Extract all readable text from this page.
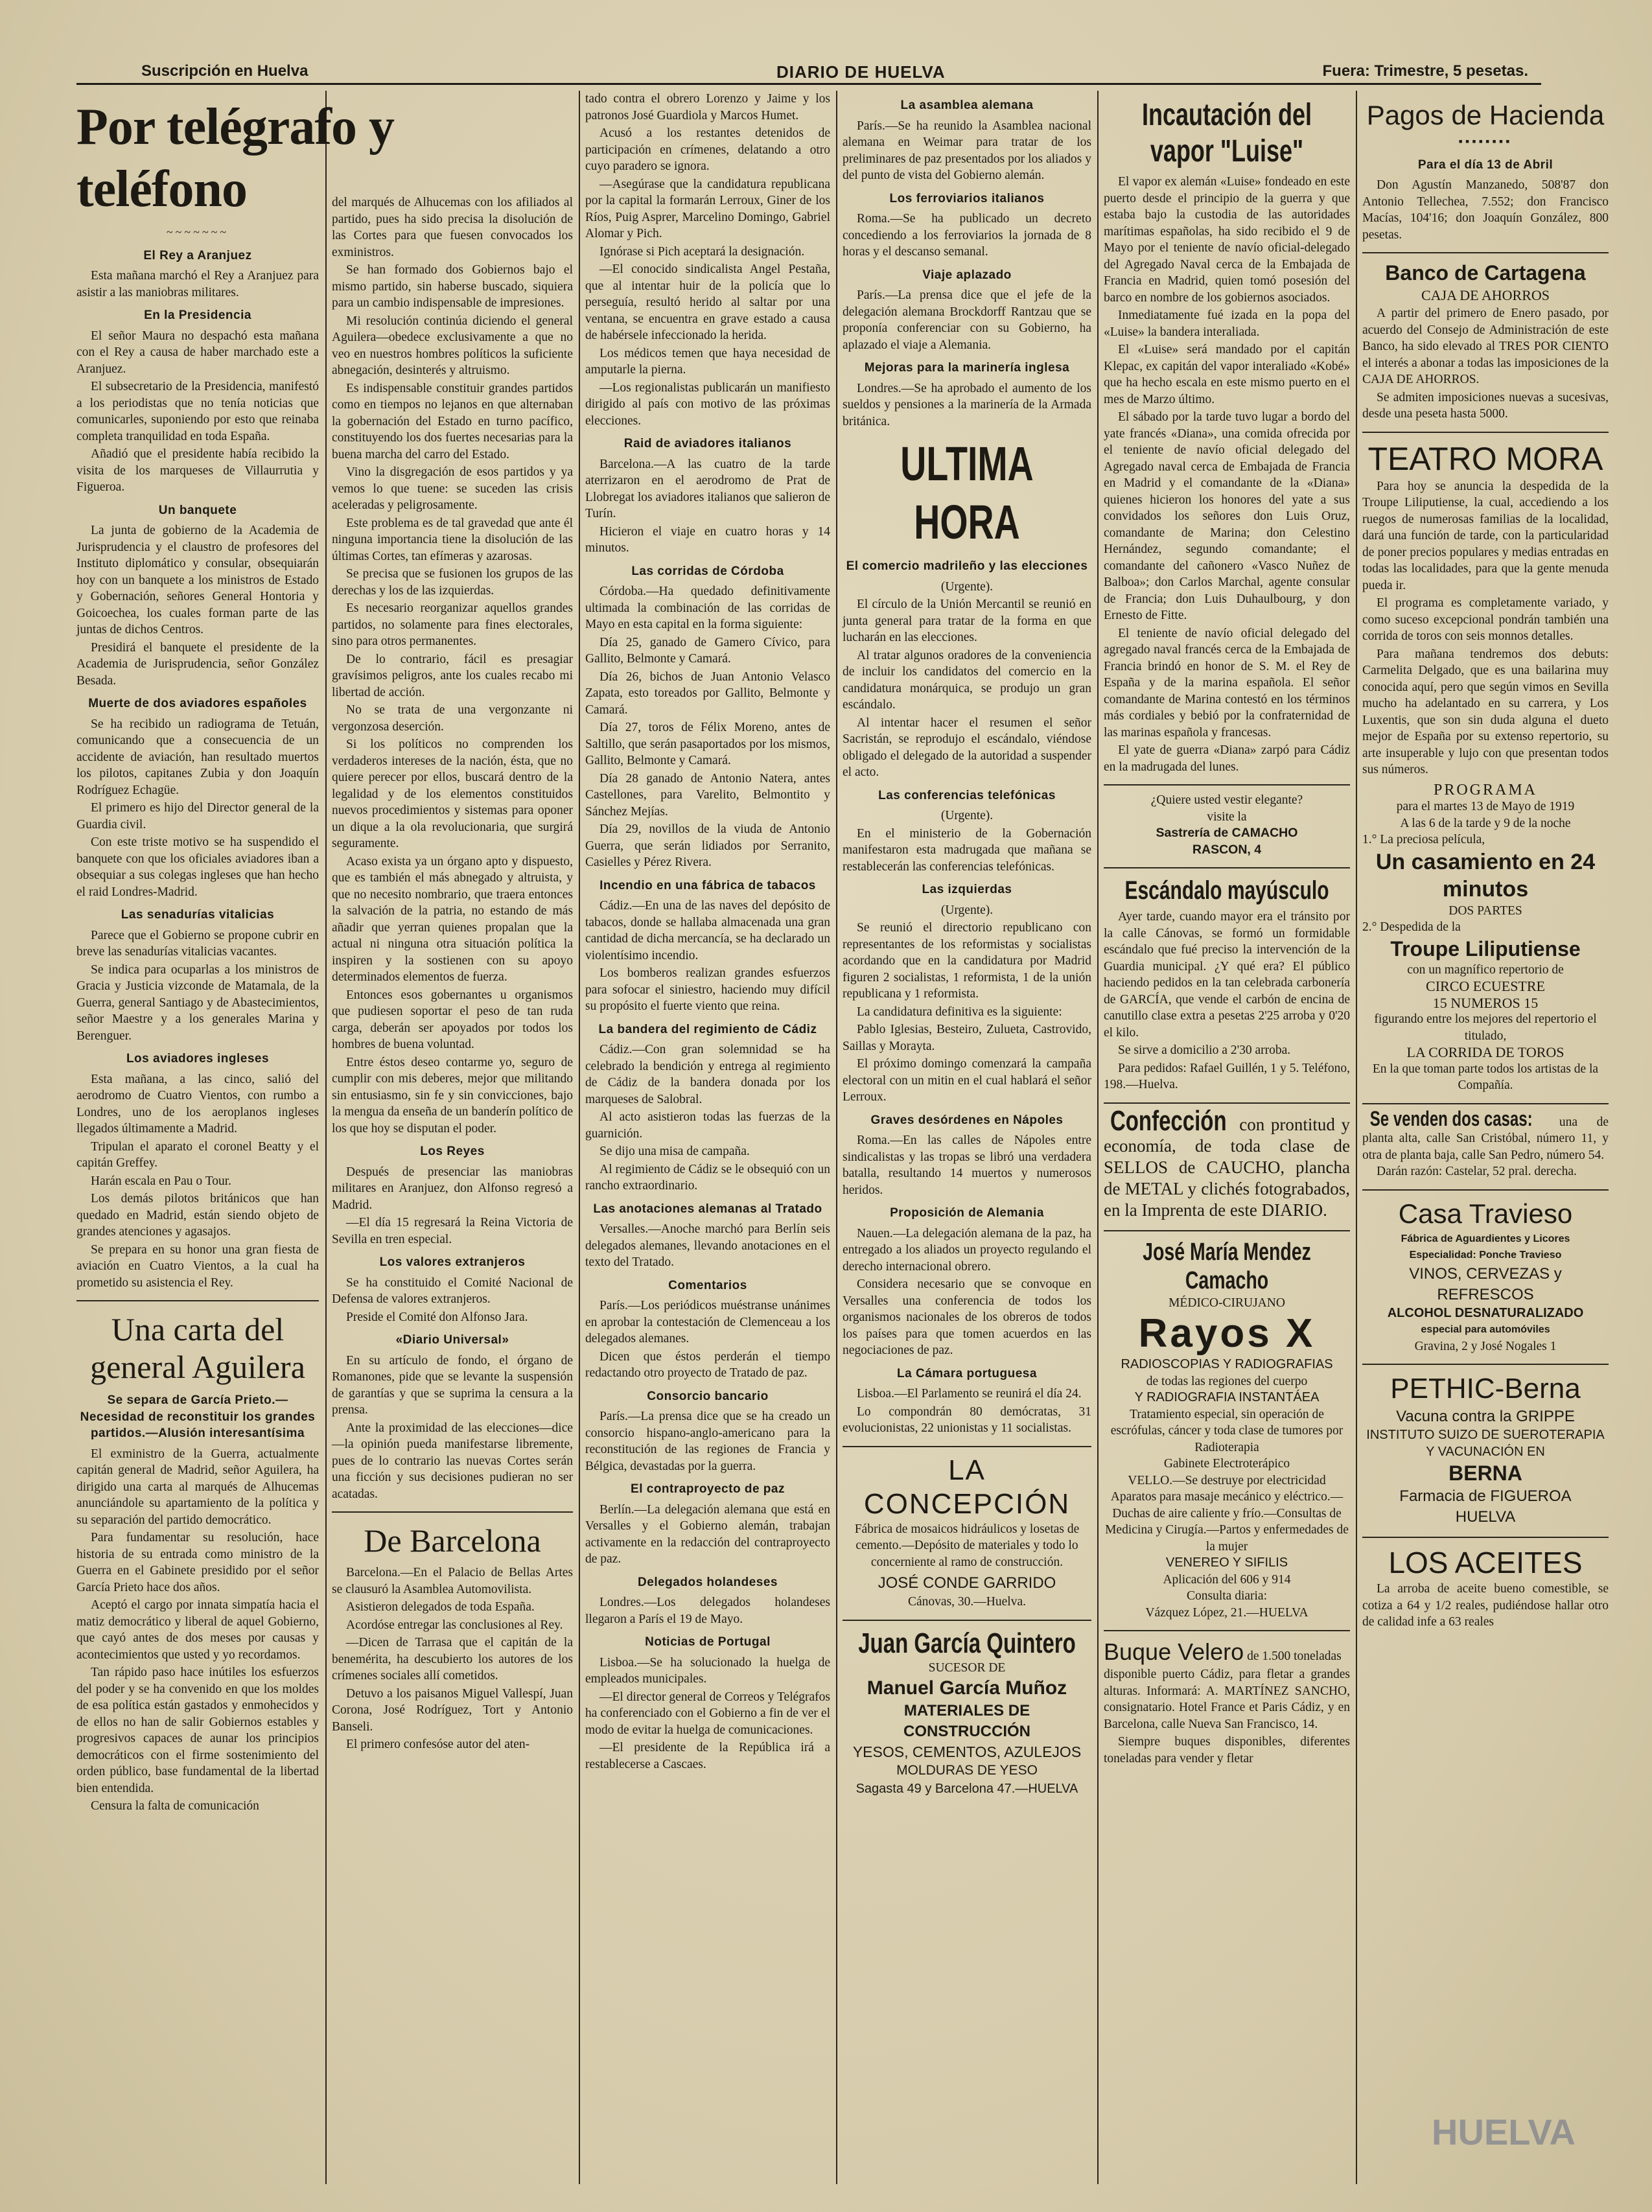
Suscripción en Huelva	DIARIO DE HUELVA	Fuera: Trimestre, 5 pesetas.
Por telégrafo y teléfono
~~~~~~~
El Rey a Aranjuez

Esta mañana marchó el Rey a Aranjuez para asistir a las maniobras militares.

En la Presidencia

El señor Maura no despachó esta mañana con el Rey a causa de haber marchado este a Aranjuez.

El subsecretario de la Presidencia, manifestó a los periodistas que no tenía noticias que comunicarles, suponiendo por esto que reinaba completa tranquilidad en toda España.

Añadió que el presidente había recibido la visita de los marqueses de Villaurrutia y Figueroa.

Un banquete

La junta de gobierno de la Academia de Jurisprudencia y el claustro de profesores del Instituto diplomático y consular, obsequiarán hoy con un banquete a los ministros de Estado y Gobernación, señores General Hontoria y Goicoechea, los cuales forman parte de las juntas de dichos Centros.

Presidirá el banquete el presidente de la Academia de Jurisprudencia, señor González Besada.

Muerte de dos aviadores españoles

Se ha recibido un radiograma de Tetuán, comunicando que a consecuencia de un accidente de aviación, han resultado muertos los pilotos, capitanes Zubia y don Joaquín Rodríguez Echagüe.

El primero es hijo del Director general de la Guardia civil.

Con este triste motivo se ha suspendido el banquete con que los oficiales aviadores iban a obsequiar a sus colegas ingleses que han hecho el raid Londres-Madrid.

Las senadurías vitalicias

Parece que el Gobierno se propone cubrir en breve las senadurías vitalicias vacantes.

Se indica para ocuparlas a los ministros de Gracia y Justicia vizconde de Matamala, de la Guerra, general Santiago y de Abastecimientos, señor Maestre y a los generales Marina y Berenguer.

Los aviadores ingleses

Esta mañana, a las cinco, salió del aerodromo de Cuatro Vientos, con rumbo a Londres, uno de los aeroplanos ingleses llegados últimamente a Madrid.

Tripulan el aparato el coronel Beatty y el capitán Greffey.

Harán escala en Pau o Tour.

Los demás pilotos británicos que han quedado en Madrid, están siendo objeto de grandes atenciones y agasajos.

Se prepara en su honor una gran fiesta de aviación en Cuatro Vientos, a la cual ha prometido su asistencia el Rey.

Una carta del general Aguilera
Se separa de García Prieto.—Necesidad de reconstituir los grandes partidos.—Alusión interesantísima

El exministro de la Guerra, actualmente capitán general de Madrid, señor Aguilera, ha dirigido una carta al marqués de Alhucemas anunciándole su apartamiento de la política y su separación del partido democrático.

Para fundamentar su resolución, hace historia de su entrada como ministro de la Guerra en el Gabinete presidido por el señor García Prieto hace dos años.

Aceptó el cargo por innata simpatía hacia el matiz democrático y liberal de aquel Gobierno, que cayó antes de dos meses por causas y acontecimientos que usted y yo recordamos.

Tan rápido paso hace inútiles los esfuerzos del poder y se ha convenido en que los moldes de esa política están gastados y enmohecidos y de ellos no han de salir Gobiernos estables y progresivos capaces de aunar los principios democráticos con el firme sostenimiento del orden público, base fundamental de la libertad bien entendida.

Censura la falta de comunicación

del marqués de Alhucemas con los afiliados al partido, pues ha sido precisa la disolución de las Cortes para que fuesen convocados los exministros.

Se han formado dos Gobiernos bajo el mismo partido, sin haberse buscado, siquiera para un cambio indispensable de impresiones.

Mi resolución continúa diciendo el general Aguilera—obedece exclusivamente a que no veo en nuestros hombres políticos la suficiente abnegación, desinterés y altruismo.

Es indispensable constituir grandes partidos como en tiempos no lejanos en que alternaban la gobernación del Estado en turno pacífico, constituyendo los dos fuertes necesarias para la buena marcha del carro del Estado.

Vino la disgregación de esos partidos y ya vemos lo que tuene: se suceden las crisis aceleradas y peligrosamente.

Este problema es de tal gravedad que ante él ninguna importancia tiene la disolución de las últimas Cortes, tan efímeras y azarosas.

Se precisa que se fusionen los grupos de las derechas y los de las izquierdas.

Es necesario reorganizar aquellos grandes partidos, no solamente para fines electorales, sino para otros permanentes.

De lo contrario, fácil es presagiar gravísimos peligros, ante los cuales recabo mi libertad de acción.

No se trata de una vergonzante ni vergonzosa deserción.

Si los políticos no comprenden los verdaderos intereses de la nación, ésta, que no quiere perecer por ellos, buscará dentro de la legalidad y de los elementos constituidos nuevos procedimientos y sistemas para oponer un dique a la ola revolucionaria, que surgirá seguramente.

Acaso exista ya un órgano apto y dispuesto, que es también el más abnegado y altruista, y que no necesito nombrario, que traera entonces la salvación de la patria, no estando de más añadir que yerran quienes propalan que la actual ni ninguna otra situación política la inspiren y la sostienen con su apoyo determinados elementos de fuerza.

Entonces esos gobernantes u organismos que pudiesen soportar el peso de tan ruda carga, deberán ser apoyados por todos los hombres de buena voluntad.

Entre éstos deseo contarme yo, seguro de cumplir con mis deberes, mejor que militando sin entusiasmo, sin fe y sin convicciones, bajo la mengua da enseña de un banderín político de los que hoy se disputan el poder.

Los Reyes

Después de presenciar las maniobras militares en Aranjuez, don Alfonso regresó a Madrid.

—El día 15 regresará la Reina Victoria de Sevilla en tren especial.

Los valores extranjeros

Se ha constituido el Comité Nacional de Defensa de valores extranjeros.

Preside el Comité don Alfonso Jara.

«Diario Universal»

En su artículo de fondo, el órgano de Romanones, pide que se levante la suspensión de garantías y que se suprima la censura a la prensa.

Ante la proximidad de las elecciones—dice—la opinión pueda manifestarse libremente, pues de lo contrario las nuevas Cortes serán una ficción y sus decisiones pudieran no ser acatadas.

De Barcelona

Barcelona.—En el Palacio de Bellas Artes se clausuró la Asamblea Automovilista.

Asistieron delegados de toda España.

Acordóse entregar las conclusiones al Rey.

—Dicen de Tarrasa que el capitán de la benemérita, ha descubierto los autores de los crímenes sociales allí cometidos.

Detuvo a los paisanos Miguel Vallespí, Juan Corona, José Rodríguez, Tort y Antonio Banseli.

El primero confesóse autor del aten-

tado contra el obrero Lorenzo y Jaime y los patronos José Guardiola y Marcos Humet.

Acusó a los restantes detenidos de participación en crímenes, delatando a otro cuyo paradero se ignora.

—Asegúrase que la candidatura republicana por la capital la formarán Lerroux, Giner de los Ríos, Puig Asprer, Marcelino Domingo, Gabriel Alomar y Pich.

Ignórase si Pich aceptará la designación.

—El conocido sindicalista Angel Pestaña, que al intentar huir de la policía que lo perseguía, resultó herido al saltar por una ventana, se encuentra en grave estado a causa de habérsele infeccionado la herida.

Los médicos temen que haya necesidad de amputarle la pierna.

—Los regionalistas publicarán un manifiesto dirigido al país con motivo de las próximas elecciones.

Raid de aviadores italianos

Barcelona.—A las cuatro de la tarde aterrizaron en el aerodromo de Prat de Llobregat los aviadores italianos que salieron de Turín.

Hicieron el viaje en cuatro horas y 14 minutos.

Las corridas de Córdoba

Córdoba.—Ha quedado definitivamente ultimada la combinación de las corridas de Mayo en esta capital en la forma siguiente:

Día 25, ganado de Gamero Cívico, para Gallito, Belmonte y Camará.

Día 26, bichos de Juan Antonio Velasco Zapata, esto toreados por Gallito, Belmonte y Camará.

Día 27, toros de Félix Moreno, antes de Saltillo, que serán pasaportados por los mismos, Gallito, Belmonte y Camará.

Día 28 ganado de Antonio Natera, antes Castellones, para Varelito, Belmontito y Sánchez Mejías.

Día 29, novillos de la viuda de Antonio Guerra, que serán lidiados por Serranito, Casielles y Pérez Rivera.

Incendio en una fábrica de tabacos

Cádiz.—En una de las naves del depósito de tabacos, donde se hallaba almacenada una gran cantidad de dicha mercancía, se ha declarado un violentísimo incendio.

Los bomberos realizan grandes esfuerzos para sofocar el siniestro, haciendo muy difícil su propósito el fuerte viento que reina.

La bandera del regimiento de Cádiz

Cádiz.—Con gran solemnidad se ha celebrado la bendición y entrega al regimiento de Cádiz de la bandera donada por los marqueses de Salobral.

Al acto asistieron todas las fuerzas de la guarnición.

Se dijo una misa de campaña.

Al regimiento de Cádiz se le obsequió con un rancho extraordinario.

Las anotaciones alemanas al Tratado

Versalles.—Anoche marchó para Berlín seis delegados alemanes, llevando anotaciones en el texto del Tratado.

Comentarios

París.—Los periódicos muéstranse unánimes en aprobar la contestación de Clemenceau a los delegados alemanes.

Dicen que éstos perderán el tiempo redactando otro proyecto de Tratado de paz.

Consorcio bancario

París.—La prensa dice que se ha creado un consorcio hispano-anglo-americano para la reconstitución de las regiones de Francia y Bélgica, devastadas por la guerra.

El contraproyecto de paz

Berlín.—La delegación alemana que está en Versalles y el Gobierno alemán, trabajan activamente en la redacción del contraproyecto de paz.

Delegados holandeses

Londres.—Los delegados holandeses llegaron a París el 19 de Mayo.

Noticias de Portugal

Lisboa.—Se ha solucionado la huelga de empleados municipales.

—El director general de Correos y Telégrafos ha conferenciado con el Gobierno a fin de ver el modo de evitar la huelga de comunicaciones.

—El presidente de la República irá a restablecerse a Cascaes.

La asamblea alemana

París.—Se ha reunido la Asamblea nacional alemana en Weimar para tratar de los preliminares de paz presentados por los aliados y del punto de vista del Gobierno alemán.

Los ferroviarios italianos

Roma.—Se ha publicado un decreto concediendo a los ferroviarios la jornada de 8 horas y el descanso semanal.

Viaje aplazado

París.—La prensa dice que el jefe de la delegación alemana Brockdorff Rantzau que se proponía conferenciar con su Gobierno, ha aplazado el viaje a Alemania.

Mejoras para la marinería inglesa

Londres.—Se ha aprobado el aumento de los sueldos y pensiones a la marinería de la Armada británica.

ULTIMA HORA
El comercio madrileño y las elecciones

(Urgente).

El círculo de la Unión Mercantil se reunió en junta general para tratar de la forma en que lucharán en las elecciones.

Al tratar algunos oradores de la conveniencia de incluir los candidatos del comercio en la candidatura monárquica, se produjo un gran escándalo.

Al intentar hacer el resumen el señor Sacristán, se reprodujo el escándalo, viéndose obligado el delegado de la autoridad a suspender el acto.

Las conferencias telefónicas

(Urgente).

En el ministerio de la Gobernación manifestaron esta madrugada que mañana se restablecerán las conferencias telefónicas.

Las izquierdas

(Urgente).

Se reunió el directorio republicano con representantes de los reformistas y socialistas acordando que en la candidatura por Madrid figuren 2 socialistas, 1 reformista, 1 de la unión republicana y 1 reformista.

La candidatura definitiva es la siguiente:

Pablo Iglesias, Besteiro, Zulueta, Castrovido, Saillas y Morayta.

El próximo domingo comenzará la campaña electoral con un mitin en el cual hablará el señor Lerroux.

Graves desórdenes en Nápoles

Roma.—En las calles de Nápoles entre sindicalistas y las tropas se libró una verdadera batalla, resultando 14 muertos y numerosos heridos.

Proposición de Alemania

Nauen.—La delegación alemana de la paz, ha entregado a los aliados un proyecto regulando el derecho internacional obrero.

Considera necesario que se convoque en Versalles una conferencia de todos los organismos nacionales de los obreros de todos los países para que tomen acuerdos en las negociaciones de paz.

La Cámara portuguesa

Lisboa.—El Parlamento se reunirá el día 24.

Lo compondrán 80 demócratas, 31 evolucionistas, 22 unionistas y 11 socialistas.

LA CONCEPCIÓN

Fábrica de mosaicos hidráulicos y losetas de cemento.—Depósito de materiales y todo lo concerniente al ramo de construcción.

JOSÉ CONDE GARRIDO

Cánovas, 30.—Huelva.

Juan García Quintero

SUCESOR DE

Manuel García Muñoz

MATERIALES DE CONSTRUCCIÓN

YESOS, CEMENTOS, AZULEJOS

MOLDURAS DE YESO

Sagasta 49 y Barcelona 47.—HUELVA

Incautación del vapor "Luise"

El vapor ex alemán «Luise» fondeado en este puerto desde el principio de la guerra y que estaba bajo la custodia de las autoridades marítimas españolas, ha sido recibido el 9 de Mayo por el teniente de navío oficial-delegado del Agregado Naval cerca de la Embajada de Francia en Madrid, quien tomó posesión del barco en nombre de los gobiernos asociados.

Inmediatamente fué izada en la popa del «Luise» la bandera interaliada.

El «Luise» será mandado por el capitán Klepac, ex capitán del vapor interaliado «Kobé» que ha hecho escala en este mismo puerto en el mes de Marzo último.

El sábado por la tarde tuvo lugar a bordo del yate francés «Diana», una comida ofrecida por el teniente de navío oficial delegado del Agregado naval cerca de Embajada de Francia en Madrid y el comandante de la «Diana» quienes hicieron los honores del yate a sus convidados los señores don Luis Oruz, comandante de Marina; don Celestino Hernández, segundo comandante; el comandante del cañonero «Vasco Nuñez de Balboa»; don Carlos Marchal, agente consular de Francia; don Luis Duhaulbourg, y don Ernesto de Fitte.

El teniente de navío oficial delegado del agregado naval francés cerca de la Embajada de Francia brindó en honor de S. M. el Rey de España y de la marina española. El señor comandante de Marina contestó en los términos más cordiales y bebió por la confraternidad de las marinas española y francesas.

El yate de guerra «Diana» zarpó para Cádiz en la madrugada del lunes.

¿Quiere usted vestir elegante?

visite la

Sastrería de CAMACHO

RASCON, 4

Escándalo mayúsculo

Ayer tarde, cuando mayor era el tránsito por la calle Cánovas, se formó un formidable escándalo que fué preciso la intervención de la Guardia municipal. ¿Y qué era? El público haciendo pedidos en la tan celebrada carbonería de GARCÍA, que vende el carbón de encina de canutillo clase extra a pesetas 2'25 arroba y 0'20 el kilo.

Se sirve a domicilio a 2'30 arroba.

Para pedidos: Rafael Guillén, 1 y 5. Teléfono, 198.—Huelva.

Confección con prontitud y economía, de toda clase de SELLOS de CAUCHO, plancha de METAL y clichés fotograbados, en la Imprenta de este DIARIO.
José María Mendez Camacho

MÉDICO-CIRUJANO

Rayos X

RADIOSCOPIAS Y RADIOGRAFIAS

de todas las regiones del cuerpo

Y RADIOGRAFIA INSTANTÁEA

Tratamiento especial, sin operación de escrófulas, cáncer y toda clase de tumores por Radioterapia

Gabinete Electroterápico

VELLO.—Se destruye por electricidad

Aparatos para masaje mecánico y eléctrico.—Duchas de aire caliente y frío.—Consultas de Medicina y Cirugía.—Partos y enfermedades de la mujer

VENEREO Y SIFILIS

Aplicación del 606 y 914

Consulta diaria:

Vázquez López, 21.—HUELVA

Buque Velero de 1.500 toneladas

disponible puerto Cádiz, para fletar a grandes alturas. Informará: A. MARTÍNEZ SANCHO, consignatario. Hotel France et Paris Cádiz, y en Barcelona, calle Nueva San Francisco, 14.

Siempre buques disponibles, diferentes toneladas para vender y fletar

Pagos de Hacienda
▪▪▪▪▪▪▪▪
Para el día 13 de Abril

Don Agustín Manzanedo, 508'87 don Antonio Tellechea, 7.552; don Francisco Macías, 104'16; don Joaquín González, 800 pesetas.

Banco de Cartagena
CAJA DE AHORROS

A partir del primero de Enero pasado, por acuerdo del Consejo de Administración de este Banco, ha sido elevado al TRES POR CIENTO el interés a abonar a todas las imposiciones de la CAJA DE AHORROS.

Se admiten imposiciones nuevas a sucesivas, desde una peseta hasta 5000.

TEATRO MORA

Para hoy se anuncia la despedida de la Troupe Liliputiense, la cual, accediendo a los ruegos de numerosas familias de la localidad, dará una función de tarde, con la particularidad de poner precios populares y medias entradas en todas las localidades, para que la gente menuda pueda ir.

El programa es completamente variado, y como suceso excepcional pondrán también una corrida de toros con seis monnos detalles.

Para mañana tendremos dos debuts: Carmelita Delgado, que es una bailarina muy conocida aquí, pero que según vimos en Sevilla mucho ha adelantado en su carrera, y Los Luxentis, que son sin duda alguna el dueto mejor de España por su extenso repertorio, su arte insuperable y lujo con que presentan todos sus números.

PROGRAMA

para el martes 13 de Mayo de 1919

A las 6 de la tarde y 9 de la noche

1.° La preciosa película,

Un casamiento en 24 minutos

DOS PARTES

2.° Despedida de la

Troupe Liliputiense

con un magnífico repertorio de

CIRCO ECUESTRE

15 NUMEROS 15

figurando entre los mejores del repertorio el titulado,

LA CORRIDA DE TOROS

En la que toman parte todos los artistas de la Compañía.

Se venden dos casas: una de planta alta, calle San Cristóbal, número 11, y otra de planta baja, calle San Pedro, número 54.

Darán razón: Castelar, 52 pral. derecha.

Casa Travieso

Fábrica de Aguardientes y Licores

Especialidad: Ponche Travieso

VINOS, CERVEZAS y REFRESCOS

ALCOHOL DESNATURALIZADO

especial para automóviles

Gravina, 2 y José Nogales 1

PETHIC-Berna

Vacuna contra la GRIPPE

INSTITUTO SUIZO DE SUEROTERAPIA Y VACUNACIÓN EN

BERNA

Farmacia de FIGUEROA

HUELVA

LOS ACEITES

La arroba de aceite bueno comestible, se cotiza a 64 y 1/2 reales, pudiéndose hallar otro de calidad infe a 63 reales

HUELVA
